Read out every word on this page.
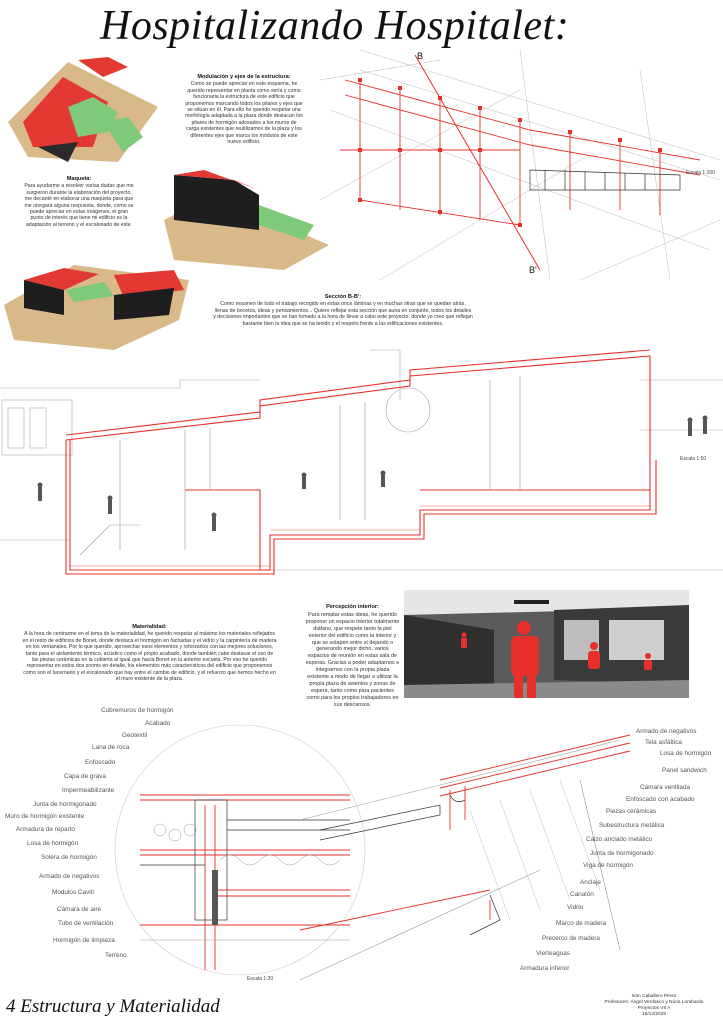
Hospitalizando Hospitalet:
Maqueta:

Para ayudarme a resolver varias dudas que me surgieron durante la elaboración del proyecto, me decanté en elaborar una maqueta para que me otorgará alguna respuesta, donde, como se puede apreciar en estas imágenes, el gran punto de interés que tiene mi edificio es la adaptación al terreno y el escalonado de este.

Modulación y ejes de la estructura:

Como se puede apreciar en este esquema, he querido representar en planta como sería y como funcionaria la estructura de este edificio que proponemos marcando todos los pilares y ejes que se sitúan en él. Para ello he querido respetar una morfología adaptada a la plaza donde destacan los pilares de hormigón adosados a los muros de carga existentes que reutilizamos de la plaza y los diferentes ejes que marca los módulos de este nuevo edificio.

B
B'
Escala 1:200
Sección B-B':

Como resumen de todo el trabajo recogido en estas once láminas y en muchas otras que se quedan atrás, llenas de bocetos, ideas y pensamientos... Quiero reflejar esta sección que auna en conjunto, todos los detalles y decisiones importantes que se han tomado a la hora de llevar a cabo este proyecto, donde yo creo que reflejan bastante bien la idea que se ha tenido y el respeto frente a las edificaciones existentes.

Escala 1:50
Materialidad:

A la hora de centrarme en el tema de la materialidad, he querido respetar al máximo los materiales reflejados en el resto de edificios de Bonet, donde destaca el hormigón en fachadas y el vidrio y la carpintería de madera en los ventanales. Por lo que querido, aprovechar esos elementos y reforzarlos con las mejores soluciones, tanto para el aislamiento térmico, acústico como el propio acabado, donde también cabe destacar el uso de las piezas cerámicas en la cubierta al igual que hacia Bonet en la anterior escuela. Por eso he querido representar en estos dos zooms en detalle, los elementos más característicos del edificio que proponemos como son el lucernario y el escalonado que hay entre el cambio de edificio, y el refuerzo que hemos hecho en el muro existente de la plaza.

Percepción interior:

Para rematar estas ideas, he querido proponer un espacio interior totalmente diáfano, que respete tanto la piel exterior del edificio como la interior y que se solapen entre sí dejando o generando mejor dicho, varios espacios de reunión en estas sala de esperas. Gracias a poder adaptarnos e integrarnos con la propia plaza existente a modo de llegar a utilizar la propia plaza de asientos y zonas de espera, tanto como para pacientes como para los propios trabajadores en sus descansos.

Escala 1:20
Cubremuros de hormigón
Acabado
Geotextil
Lana de roca
Enfoscado
Capa de grava
Impermeabilizante
Junta de hormigonado
Muro de hormigón existente
Armadura de reparto
Losa de hormigón
Solera de hormigón
Armado de negativos
Modulos Caviti
Cámara de aire
Tubo de ventilación
Hormigón de limpieza
Terreno
Armado de negativos
Tela asfáltica
Losa de hormigón
Panel sandwich
Cámara ventilada
Enfoscado con acabado
Piezas cerámicas
Subestructura metálica
Calzo anclado metálico
Junta de hormigonado
Viga de hormigón
Anclaje
Canalón
Vidrio
Marco de madera
Precerco de madera
Vierteaguas
Armadura inferior
4 Estructura y Materialidad	Iván Caballero Pérez
Profesores: Ángel Verdasco y Núria Lombardo
Proyectos VII A
16/12/2025
